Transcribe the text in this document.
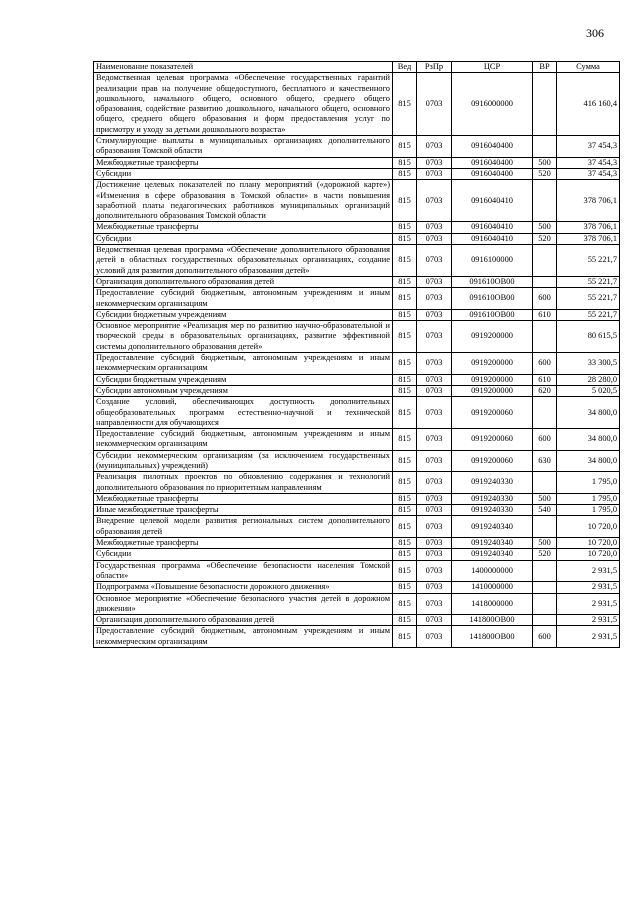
306
Наименование показателей	Вед	РзПр	ЦСР	ВР	Сумма
Ведомственная целевая программа «Обеспечение государственных гарантий реализации прав на получение общедоступного, бесплатного и качественного дошкольного, начального общего, основного общего, среднего общего образования, содействие развитию дошкольного, начального общего, основного общего, среднего общего образования и форм предоставления услуг по присмотру и уходу за детьми дошкольного возраста»	815	0703	0916000000		416 160,4
Стимулирующие выплаты в муниципальных организациях дополнительного образования Томской области	815	0703	0916040400		37 454,3
Межбюджетные трансферты	815	0703	0916040400	500	37 454,3
Субсидии	815	0703	0916040400	520	37 454,3
Достижение целевых показателей по плану мероприятий («дорожной карте») «Изменения в сфере образования в Томской области» в части повышения заработной платы педагогических работников муниципальных организаций дополнительного образования Томской области	815	0703	0916040410		378 706,1
Межбюджетные трансферты	815	0703	0916040410	500	378 706,1
Субсидии	815	0703	0916040410	520	378 706,1
Ведомственная целевая программа «Обеспечение дополнительного образования детей в областных государственных образовательных организациях, создание условий для развития дополнительного образования детей»	815	0703	0916100000		55 221,7
Организация дополнительного образования детей	815	0703	091610ОВ00		55 221,7
Предоставление субсидий бюджетным, автономным учреждениям и иным некоммерческим организациям	815	0703	091610ОВ00	600	55 221,7
Субсидии бюджетным учреждениям	815	0703	091610ОВ00	610	55 221,7
Основное мероприятие «Реализация мер по развитию научно-образовательной и творческой среды в образовательных организациях, развитие эффективной системы дополнительного образования детей»	815	0703	0919200000		80 615,5
Предоставление субсидий бюджетным, автономным учреждениям и иным некоммерческим организациям	815	0703	0919200000	600	33 300,5
Субсидии бюджетным учреждениям	815	0703	0919200000	610	28 280,0
Субсидии автономным учреждениям	815	0703	0919200000	620	5 020,5
Создание условий, обеспечивающих доступность дополнительных общеобразовательных программ естественно-научной и технической направленности для обучающихся	815	0703	0919200060		34 800,0
Предоставление субсидий бюджетным, автономным учреждениям и иным некоммерческим организациям	815	0703	0919200060	600	34 800,0
Субсидии некоммерческим организациям (за исключением государственных (муниципальных) учреждений)	815	0703	0919200060	630	34 800,0
Реализация пилотных проектов по обновлению содержания и технологий дополнительного образования по приоритетным направлениям	815	0703	0919240330		1 795,0
Межбюджетные трансферты	815	0703	0919240330	500	1 795,0
Иные межбюджетные трансферты	815	0703	0919240330	540	1 795,0
Внедрение целевой модели развития региональных систем дополнительного образования детей	815	0703	0919240340		10 720,0
Межбюджетные трансферты	815	0703	0919240340	500	10 720,0
Субсидии	815	0703	0919240340	520	10 720,0
Государственная программа «Обеспечение безопасности населения Томской области»	815	0703	1400000000		2 931,5
Подпрограмма «Повышение безопасности дорожного движения»	815	0703	1410000000		2 931,5
Основное мероприятие «Обеспечение безопасного участия детей в дорожном движении»	815	0703	1418000000		2 931,5
Организация дополнительного образования детей	815	0703	141800ОВ00		2 931,5
Предоставление субсидий бюджетным, автономным учреждениям и иным некоммерческим организациям	815	0703	141800ОВ00	600	2 931,5
